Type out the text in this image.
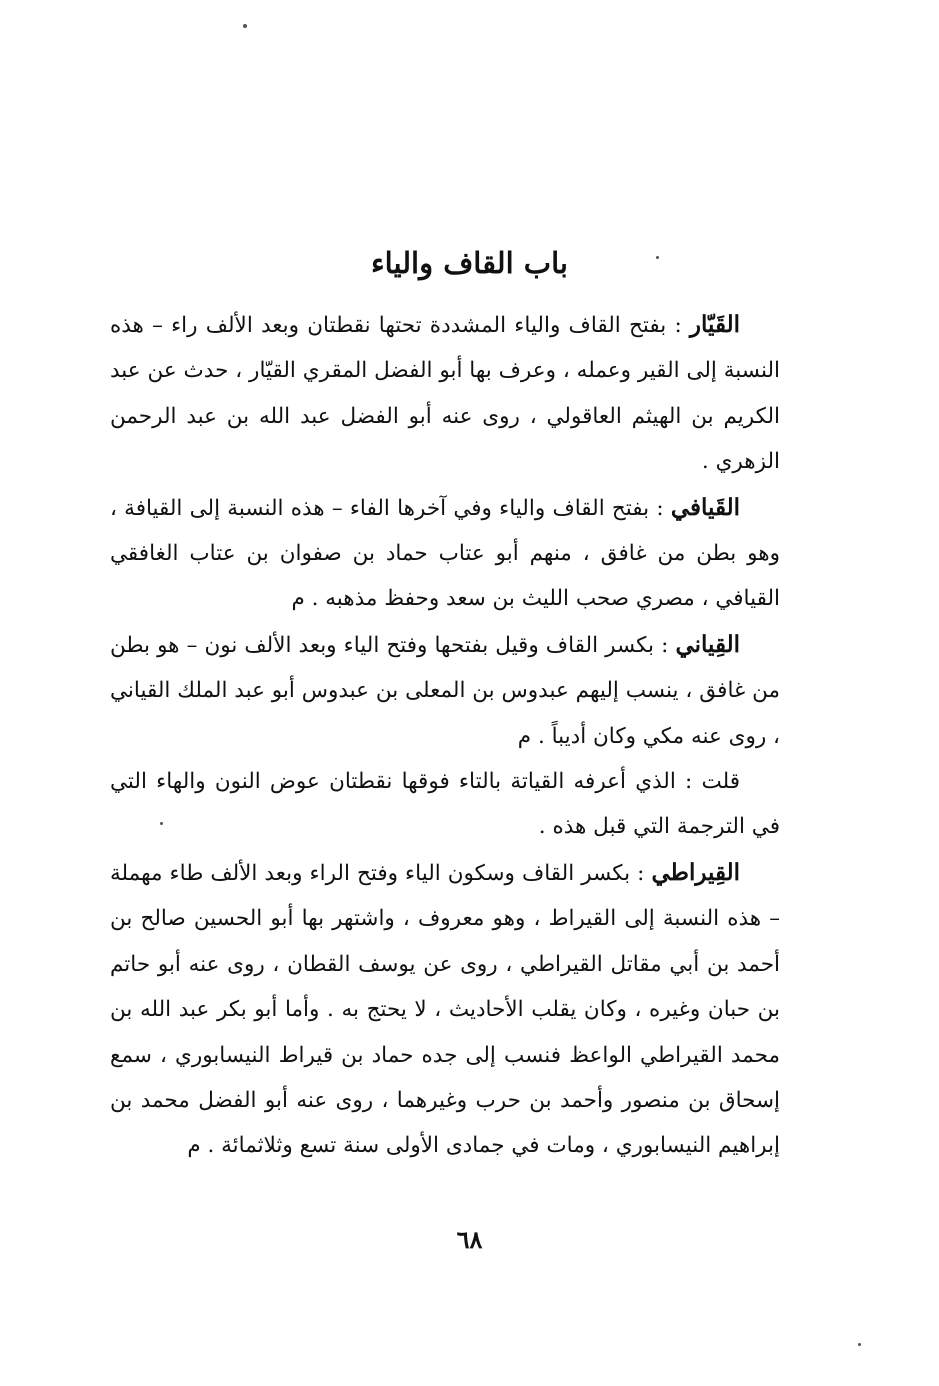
باب القاف والياء

القَيّار : بفتح القاف والياء المشددة تحتها نقطتان وبعد الألف راء – هذه النسبة إلى القير وعمله ، وعرف بها أبو الفضل المقري القيّار ، حدث عن عبد الكريم بن الهيثم العاقولي ، روى عنه أبو الفضل عبد الله بن عبد الرحمن الزهري .

القَيافي : بفتح القاف والياء وفي آخرها الفاء – هذه النسبة إلى القيافة ، وهو بطن من غافق ، منهم أبو عتاب حماد بن صفوان بن عتاب الغافقي القيافي ، مصري صحب الليث بن سعد وحفظ مذهبه . م

القِياني : بكسر القاف وقيل بفتحها وفتح الياء وبعد الألف نون – هو بطن من غافق ، ينسب إليهم عبدوس بن المعلى بن عبدوس أبو عبد الملك القياني ، روى عنه مكي وكان أديباً . م

قلت : الذي أعرفه القياتة بالتاء فوقها نقطتان عوض النون والهاء التي في الترجمة التي قبل هذه .

القِيراطي : بكسر القاف وسكون الياء وفتح الراء وبعد الألف طاء مهملة – هذه النسبة إلى القيراط ، وهو معروف ، واشتهر بها أبو الحسين صالح بن أحمد بن أبي مقاتل القيراطي ، روى عن يوسف القطان ، روى عنه أبو حاتم بن حبان وغيره ، وكان يقلب الأحاديث ، لا يحتج به . وأما أبو بكر عبد الله بن محمد القيراطي الواعظ فنسب إلى جده حماد بن قيراط النيسابوري ، سمع إسحاق بن منصور وأحمد بن حرب وغيرهما ، روى عنه أبو الفضل محمد بن إبراهيم النيسابوري ، ومات في جمادى الأولى سنة تسع وثلاثمائة . م

٦٨
